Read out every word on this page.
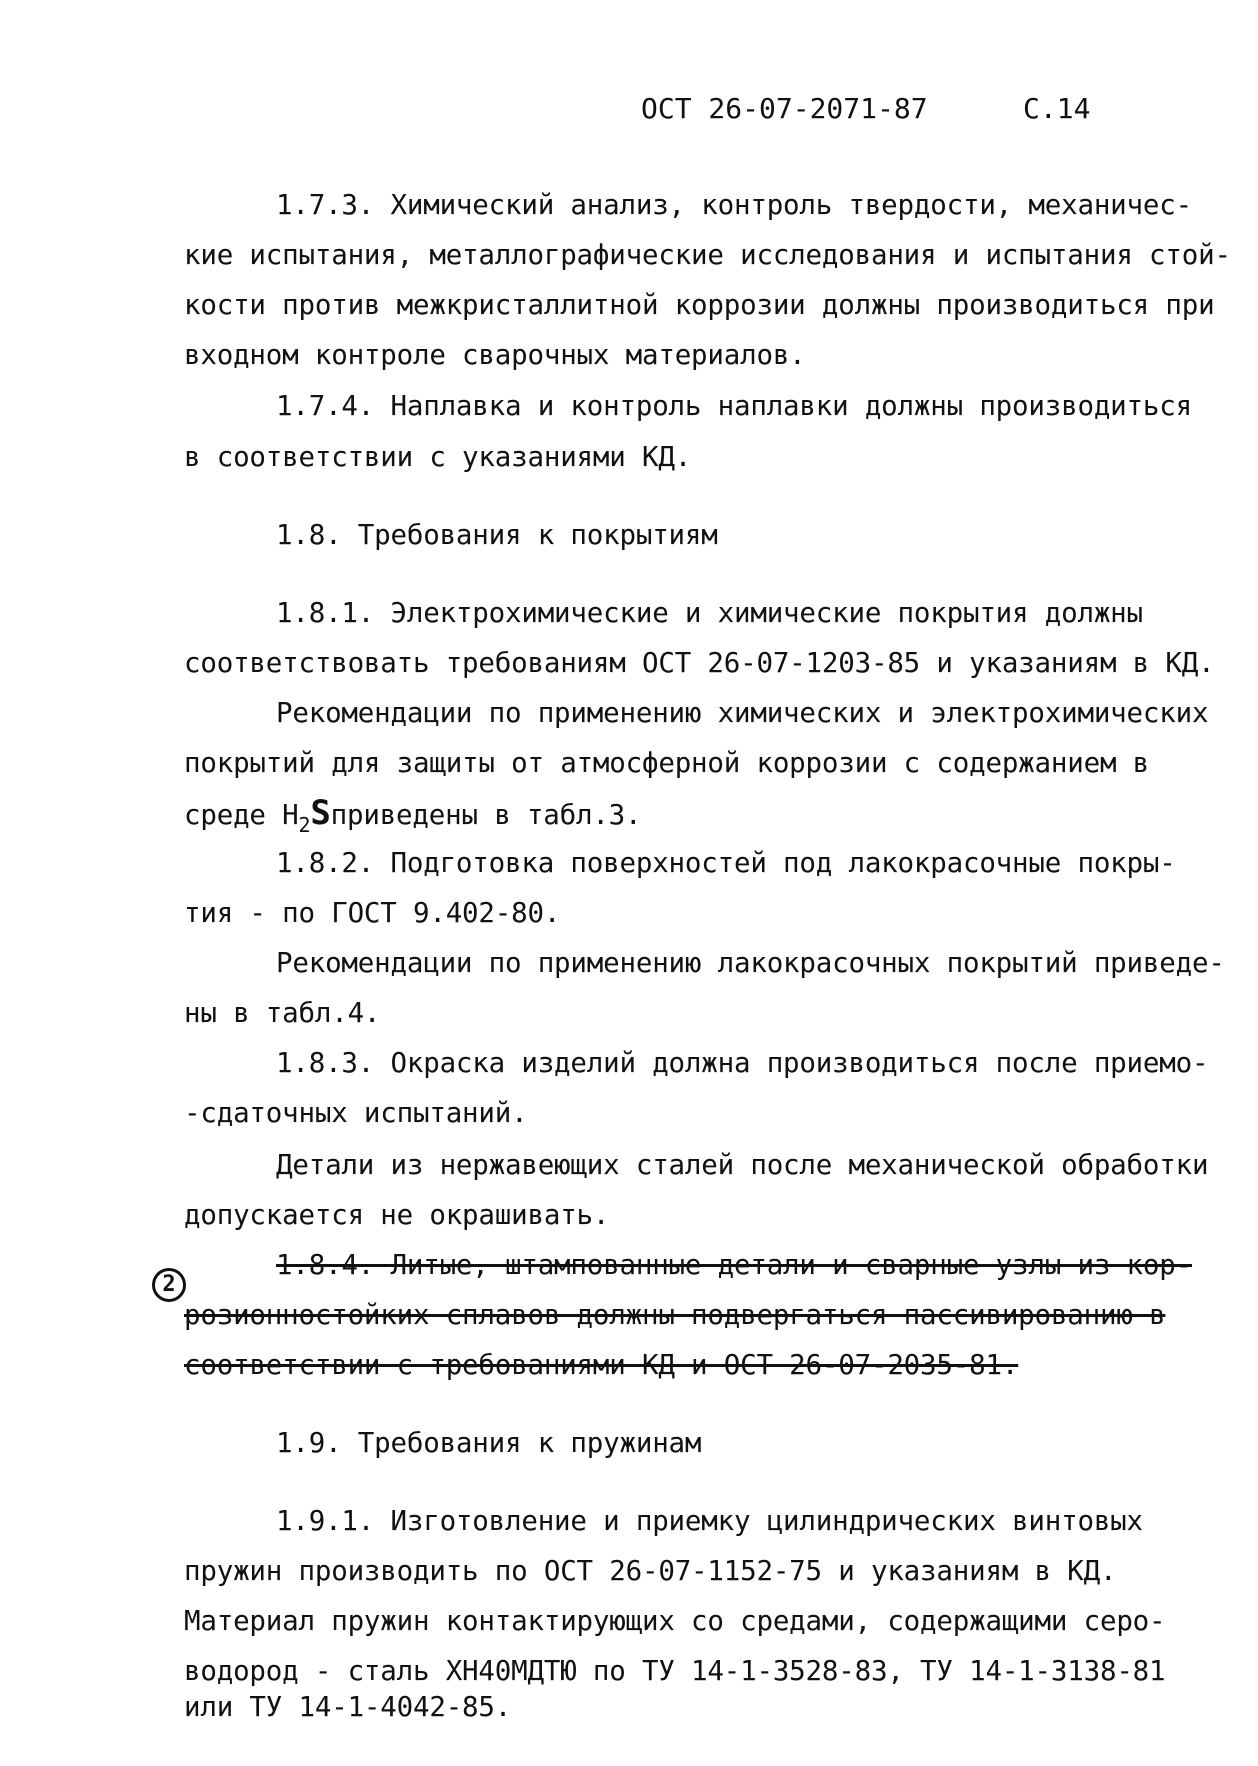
ОСТ 26-07-2071-87	С.14
1.7.3. Химический анализ, контроль твердости, механичес-
кие испытания, металлографические исследования и испытания стой-
кости против межкристаллитной коррозии должны производиться при
входном контроле сварочных материалов.
1.7.4. Наплавка и контроль наплавки должны производиться
в соответствии с указаниями КД.
1.8. Требования к покрытиям
1.8.1. Электрохимические и химические покрытия должны
соответствовать требованиям ОСТ 26-07-1203-85 и указаниям в КД.
Рекомендации по применению химических и электрохимических
покрытий для защиты от атмосферной коррозии с содержанием в
среде $Н_2Sприведены$ в табл.3.
1.8.2. Подготовка поверхностей под лакокрасочные покры-
тия - по ГОСТ 9.402-80.
Рекомендации по применению лакокрасочных покрытий приведе-
ны в табл.4.
1.8.3. Окраска изделий должна производиться после приемо-
-сдаточных испытаний.
Детали из нержавеющих сталей после механической обработки
допускается не окрашивать.
2
1.8.4. Литые, штампованные детали и сварные узлы из кор-
розионностойких сплавов должны подвергаться пассивированию в
соответствии с требованиями КД и ОСТ 26-07-2035-81.
1.9. Требования к пружинам
1.9.1. Изготовление и приемку цилиндрических винтовых
пружин производить по ОСТ 26-07-1152-75 и указаниям в КД.
Материал пружин контактирующих со средами, содержащими серо-
водород - сталь ХН40МДТЮ по ТУ 14-1-3528-83, ТУ 14-1-3138-81
или ТУ 14-1-4042-85.
